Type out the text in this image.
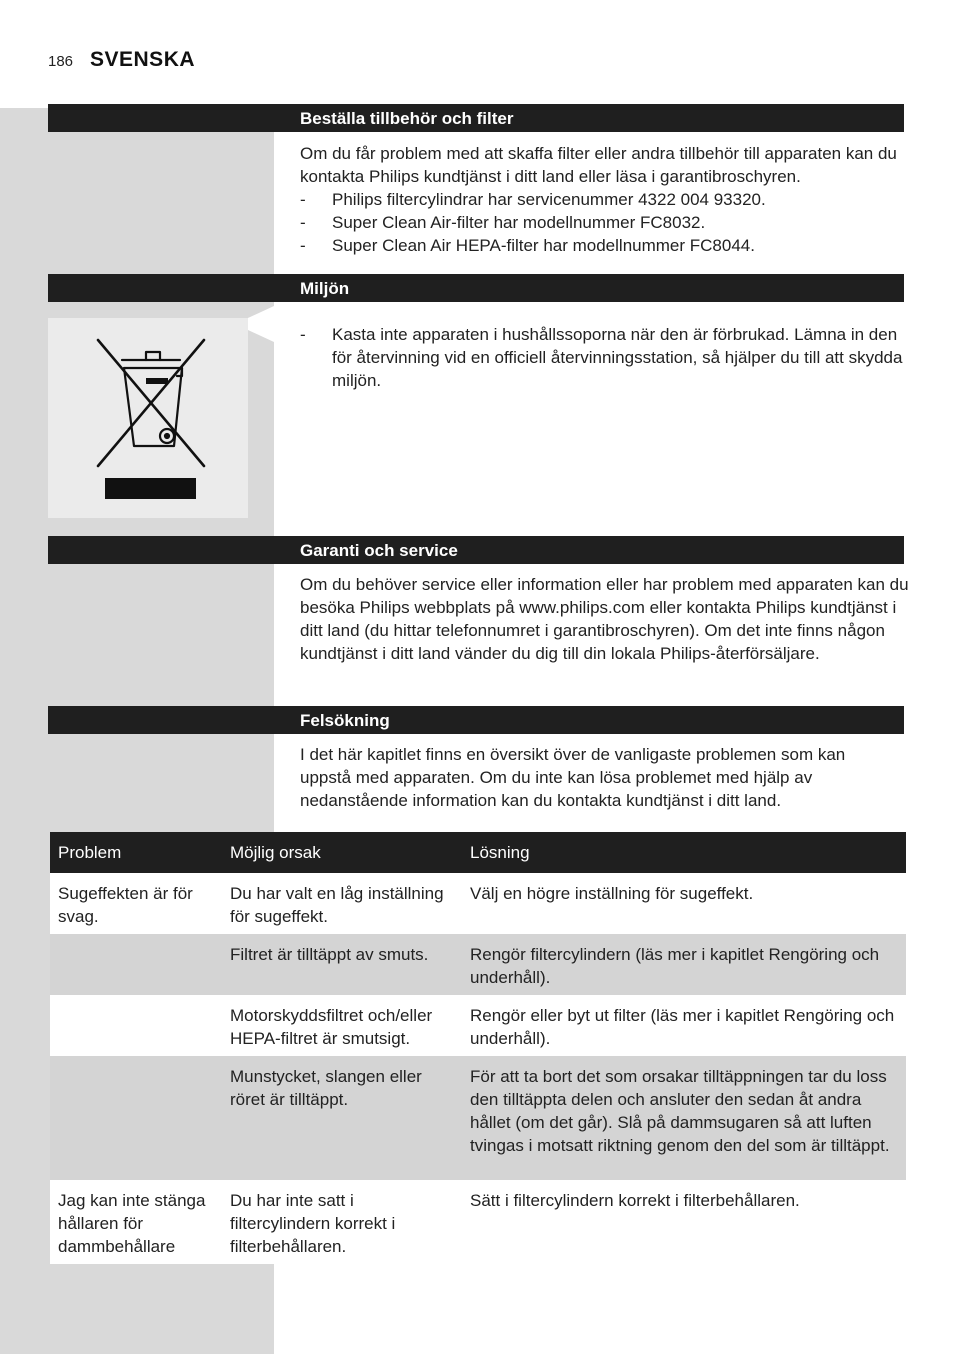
186 SVENSKA
Beställa tillbehör och filter

Om du får problem med att skaffa filter eller andra tillbehör till apparaten kan du kontakta Philips kundtjänst i ditt land eller läsa i garantibroschyren.

- Philips filtercylindrar har servicenummer 4322 004 93320.
- Super Clean Air-filter har modellnummer FC8032.
- Super Clean Air HEPA-filter har modellnummer FC8044.
Miljön
- Kasta inte apparaten i hushållssoporna när den är förbrukad. Lämna in den för återvinning vid en officiell återvinningsstation, så hjälper du till att skydda miljön.
Garanti och service

Om du behöver service eller information eller har problem med apparaten kan du besöka Philips webbplats på www.philips.com eller kontakta Philips kundtjänst i ditt land (du hittar telefonnumret i garantibroschyren). Om det inte finns någon kundtjänst i ditt land vänder du dig till din lokala Philips-återförsäljare.

Felsökning

I det här kapitlet finns en översikt över de vanligaste problemen som kan uppstå med apparaten. Om du inte kan lösa problemet med hjälp av nedanstående information kan du kontakta kundtjänst i ditt land.

Problem	Möjlig orsak	Lösning
Sugeffekten är för svag.	Du har valt en låg inställning för sugeffekt.	Välj en högre inställning för sugeffekt.
	Filtret är tilltäppt av smuts.	Rengör filtercylindern (läs mer i kapitlet Rengöring och underhåll).
	Motorskyddsfiltret och/eller HEPA-filtret är smutsigt.	Rengör eller byt ut filter (läs mer i kapitlet Rengöring och underhåll).
	Munstycket, slangen eller röret är tilltäppt.	För att ta bort det som orsakar tilltäppningen tar du loss den tilltäppta delen och ansluter den sedan åt andra hållet (om det går). Slå på dammsugaren så att luften tvingas i motsatt riktning genom den del som är tilltäppt.
Jag kan inte stänga hållaren för dammbehållare	Du har inte satt i filtercylindern korrekt i filterbehållaren.	Sätt i filtercylindern korrekt i filterbehållaren.
